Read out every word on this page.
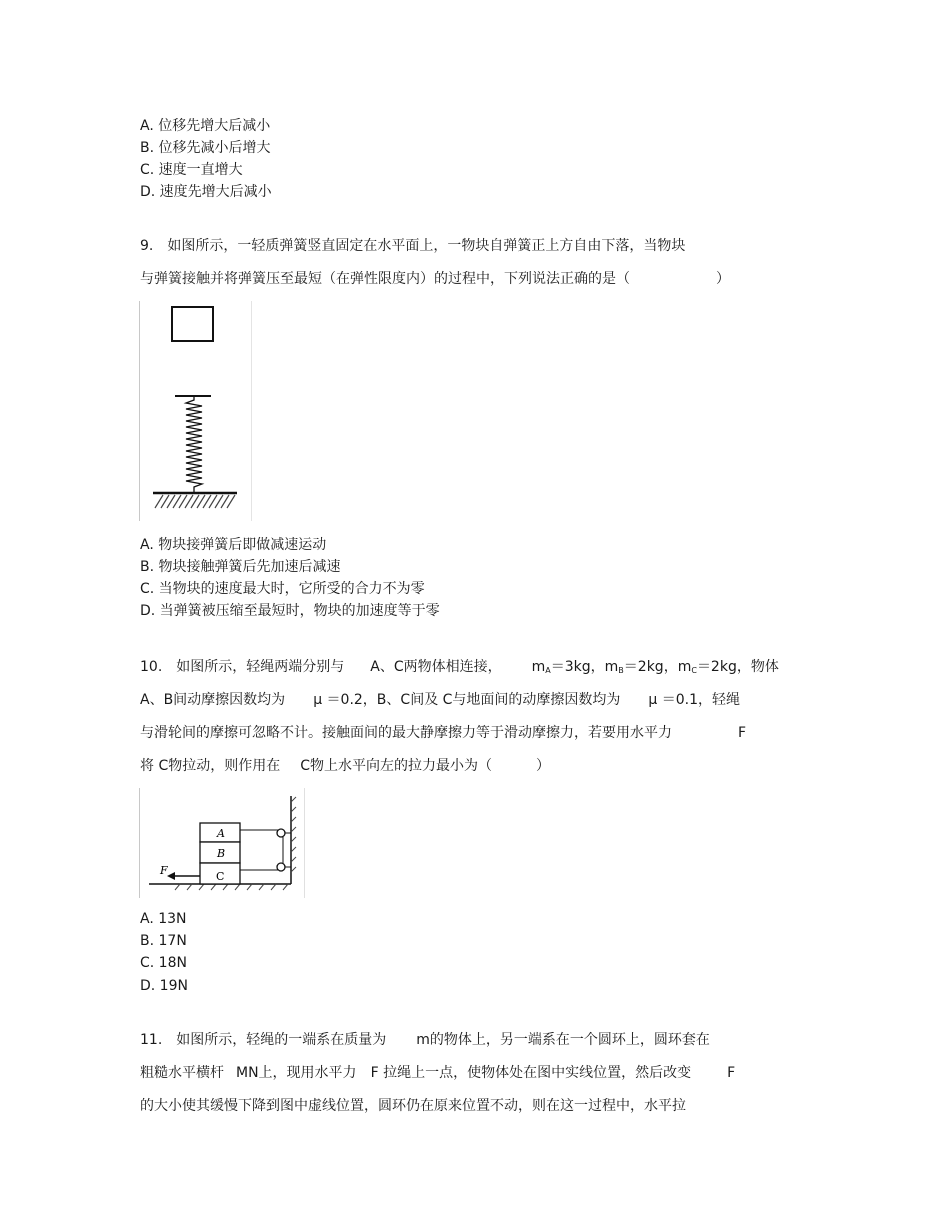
A. 位移先增大后减小
B. 位移先减小后增大
C. 速度一直增大
D. 速度先增大后减小
9.　如图所示，一轻质弹簧竖直固定在水平面上，一物块自弹簧正上方自由下落，当物块
与弹簧接触并将弹簧压至最短（在弹性限度内）的过程中，下列说法正确的是（	）
A. 物块接弹簧后即做减速运动
B. 物块接触弹簧后先加速后减速
C. 当物块的速度最大时，它所受的合力不为零
D. 当弹簧被压缩至最短时，物块的加速度等于零
10.　如图所示，轻绳两端分别与 A、C两物体相连接， $m_A=3kg$，$m_B=2kg$，$m_C=2kg$，物体
A、B间动摩擦因数均为 μ ＝0.2，B、C间及 C与地面间的动摩擦因数均为 μ ＝0.1，轻绳
与滑轮间的摩擦可忽略不计。接触面间的最大静摩擦力等于滑动摩擦力，若要用水平力	F
将 C物拉动，则作用在 C物上水平向左的拉力最小为（	）
A
B
C
F
A. 13N
B. 17N
C. 18N
D. 19N
11.　如图所示，轻绳的一端系在质量为 m的物体上，另一端系在一个圆环上，圆环套在
粗糙水平横杆 MN上，现用水平力 F 拉绳上一点，使物体处在图中实线位置，然后改变	F
的大小使其缓慢下降到图中虚线位置，圆环仍在原来位置不动，则在这一过程中，水平拉
